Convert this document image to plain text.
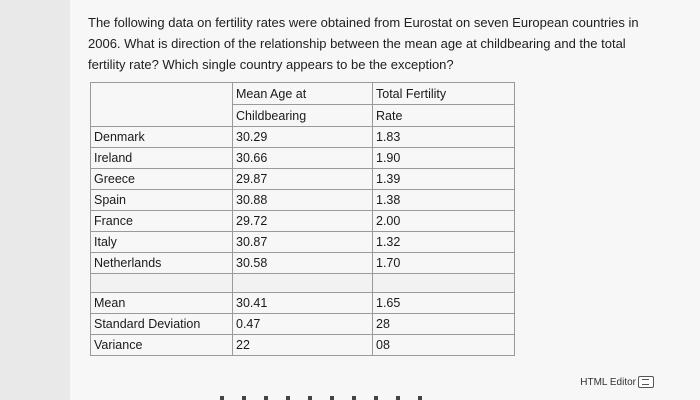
The following data on fertility rates were obtained from Eurostat on seven European countries in
2006. What is direction of the relationship between the mean age at childbearing and the total
fertility rate? Which single country appears to be the exception?
	Mean Age at	Total Fertility
	Childbearing	Rate
Denmark	30.29	1.83
Ireland	30.66	1.90
Greece	29.87	1.39
Spain	30.88	1.38
France	29.72	2.00
Italy	30.87	1.32
Netherlands	30.58	1.70

Mean	30.41	1.65
Standard Deviation	0.47	28
Variance	22	08
HTML Editor
